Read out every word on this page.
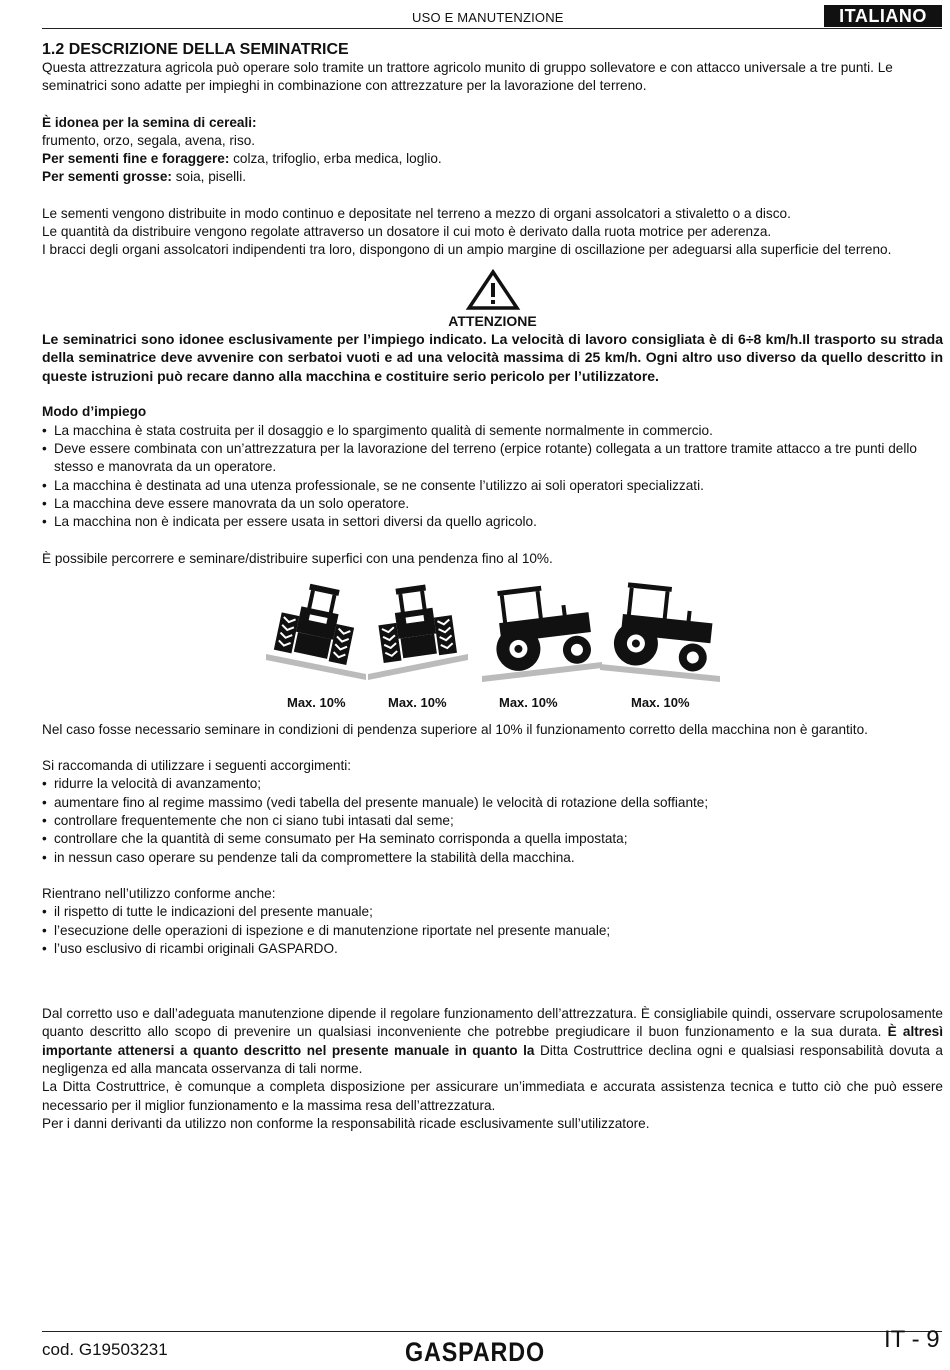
USO E MANUTENZIONE	ITALIANO
1.2 DESCRIZIONE DELLA SEMINATRICE

Questa attrezzatura agricola può operare solo tramite un trattore agricolo munito di gruppo sollevatore e con attacco universale a tre punti. Le seminatrici sono adatte per impieghi in combinazione con attrezzature per la lavorazione del terreno.

È idonea per la semina di cereali:

frumento, orzo, segala, avena, riso.

Per sementi fine e foraggere: colza, trifoglio, erba medica, loglio.

Per sementi grosse: soia, piselli.

Le sementi vengono distribuite in modo continuo e depositate nel terreno a mezzo di organi assolcatori a stivaletto o a disco.

Le quantità da distribuire vengono regolate attraverso un dosatore il cui moto è derivato dalla ruota motrice per aderenza.

I bracci degli organi assolcatori indipendenti tra loro, dispongono di un ampio margine di oscillazione per adeguarsi alla superficie del terreno.

ATTENZIONE

Le seminatrici sono idonee esclusivamente per l’impiego indicato. La velocità di lavoro consigliata è di 6÷8 km/h.Il trasporto su strada della seminatrice deve avvenire con serbatoi vuoti e ad una velocità massima di 25 km/h. Ogni altro uso diverso da quello descritto in queste istruzioni può recare danno alla macchina e costituire serio pericolo per l’utilizzatore.

Modo d’impiego

• La macchina è stata costruita per il dosaggio e lo spargimento qualità di semente normalmente in commercio.
• Deve essere combinata con un’attrezzatura per la lavorazione del terreno (erpice rotante) collegata a un trattore tramite attacco a tre punti dello stesso e manovrata da un operatore.
• La macchina è destinata ad una utenza professionale, se ne consente l’utilizzo ai soli operatori specializzati.
• La macchina deve essere manovrata da un solo operatore.
• La macchina non è indicata per essere usata in settori diversi da quello agricolo.

È possibile percorrere e seminare/distribuire superfici con una pendenza fino al 10%.

Max. 10%	Max. 10%	Max. 10%	Max. 10%

Nel caso fosse necessario seminare in condizioni di pendenza superiore al 10% il funzionamento corretto della macchina non è garantito.

Si raccomanda di utilizzare i seguenti accorgimenti:

• ridurre la velocità di avanzamento;
• aumentare fino al regime massimo (vedi tabella del presente manuale) le velocità di rotazione della soffiante;
• controllare frequentemente che non ci siano tubi intasati dal seme;
• controllare che la quantità di seme consumato per Ha seminato corrisponda a quella impostata;
• in nessun caso operare su pendenze tali da compromettere la stabilità della macchina.

Rientrano nell’utilizzo conforme anche:

• il rispetto di tutte le indicazioni del presente manuale;
• l’esecuzione delle operazioni di ispezione e di manutenzione riportate nel presente manuale;
• l’uso esclusivo di ricambi originali GASPARDO.

Dal corretto uso e dall’adeguata manutenzione dipende il regolare funzionamento dell’attrezzatura. È consigliabile quindi, osservare scrupolosamente quanto descritto allo scopo di prevenire un qualsiasi inconveniente che potrebbe pregiudicare il buon funzionamento e la sua durata. È altresì importante attenersi a quanto descritto nel presente manuale in quanto la Ditta Costruttrice declina ogni e qualsiasi responsabilità dovuta a negligenza ed alla mancata osservanza di tali norme.

La Ditta Costruttrice, è comunque a completa disposizione per assicurare un’immediata e accurata assistenza tecnica e tutto ciò che può essere necessario per il miglior funzionamento e la massima resa dell’attrezzatura.

Per i danni derivanti da utilizzo non conforme la responsabilità ricade esclusivamente sull’utilizzatore.

cod. G19503231	GASPARDO	IT - 9
